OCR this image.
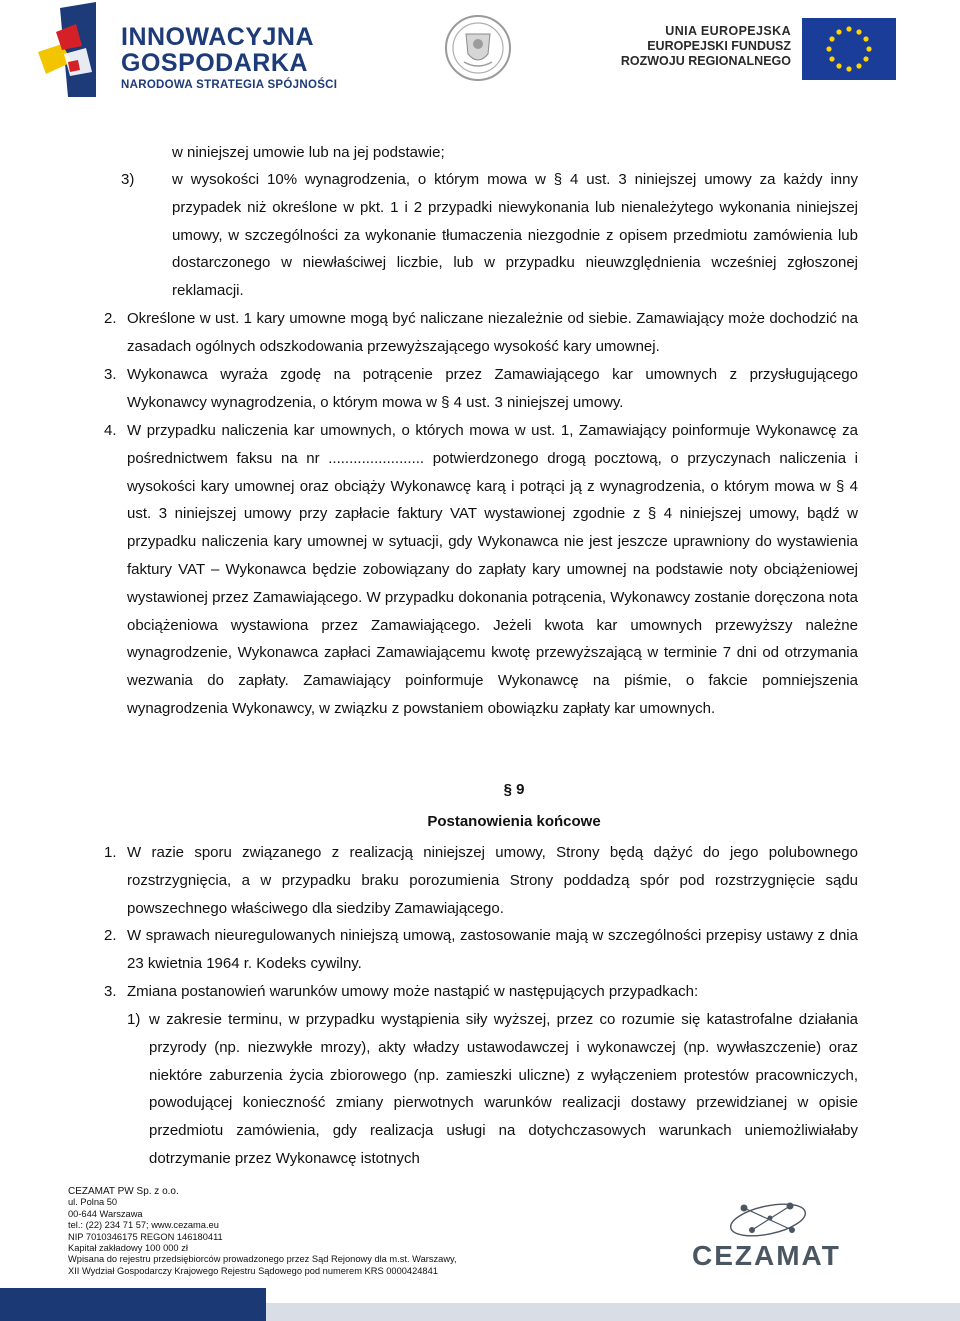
INNOWACYJNA
GOSPODARKA
NARODOWA STRATEGIA SPÓJNOŚCI
UNIA EUROPEJSKA
EUROPEJSKI FUNDUSZ
ROZWOJU REGIONALNEGO
w niniejszej umowie lub na jej podstawie;
3)	w wysokości 10% wynagrodzenia, o którym mowa w § 4 ust. 3 niniejszej umowy za każdy inny przypadek niż określone w pkt. 1 i 2 przypadki niewykonania lub nienależytego wykonania niniejszej umowy, w szczególności za wykonanie tłumaczenia niezgodnie z opisem przedmiotu zamówienia lub dostarczonego w niewłaściwej liczbie, lub w przypadku nieuwzględnienia wcześniej zgłoszonej reklamacji.
2. Określone w ust. 1 kary umowne mogą być naliczane niezależnie od siebie. Zamawiający może dochodzić na zasadach ogólnych odszkodowania przewyższającego wysokość kary umownej.
3. Wykonawca wyraża zgodę na potrącenie przez Zamawiającego kar umownych z przysługującego Wykonawcy wynagrodzenia, o którym mowa w § 4 ust. 3 niniejszej umowy.
4. W przypadku naliczenia kar umownych, o których mowa w ust. 1, Zamawiający poinformuje Wykonawcę za pośrednictwem faksu na nr ....................... potwierdzonego drogą pocztową, o przyczynach naliczenia i wysokości kary umownej oraz obciąży Wykonawcę karą i potrąci ją z wynagrodzenia, o którym mowa w § 4 ust. 3 niniejszej umowy przy zapłacie faktury VAT wystawionej zgodnie z § 4 niniejszej umowy, bądź w przypadku naliczenia kary umownej w sytuacji, gdy Wykonawca nie jest jeszcze uprawniony do wystawienia faktury VAT – Wykonawca będzie zobowiązany do zapłaty kary umownej na podstawie noty obciążeniowej wystawionej przez Zamawiającego. W przypadku dokonania potrącenia, Wykonawcy zostanie doręczona nota obciążeniowa wystawiona przez Zamawiającego. Jeżeli kwota kar umownych przewyższy należne wynagrodzenie, Wykonawca zapłaci Zamawiającemu kwotę przewyższającą w terminie 7 dni od otrzymania wezwania do zapłaty. Zamawiający poinformuje Wykonawcę na piśmie, o fakcie pomniejszenia wynagrodzenia Wykonawcy, w związku z powstaniem obowiązku zapłaty kar umownych.
§ 9
Postanowienia końcowe
1. W razie sporu związanego z realizacją niniejszej umowy, Strony będą dążyć do jego polubownego rozstrzygnięcia, a w przypadku braku porozumienia Strony poddadzą spór pod rozstrzygnięcie sądu powszechnego właściwego dla siedziby Zamawiającego.
2. W sprawach nieuregulowanych niniejszą umową, zastosowanie mają w szczególności przepisy ustawy z dnia 23 kwietnia 1964 r. Kodeks cywilny.
3. Zmiana postanowień warunków umowy może nastąpić w następujących przypadkach:
1) w zakresie terminu, w przypadku wystąpienia siły wyższej, przez co rozumie się katastrofalne działania przyrody (np. niezwykłe mrozy), akty władzy ustawodawczej i wykonawczej (np. wywłaszczenie) oraz niektóre zaburzenia życia zbiorowego (np. zamieszki uliczne) z wyłączeniem protestów pracowniczych, powodującej konieczność zmiany pierwotnych warunków realizacji dostawy przewidzianej w opisie przedmiotu zamówienia, gdy realizacja usługi na dotychczasowych warunkach uniemożliwiałaby dotrzymanie przez Wykonawcę istotnych
CEZAMAT PW Sp. z o.o.
ul. Polna 50
00-644 Warszawa
tel.: (22) 234 71 57; www.cezama.eu
NIP 7010346175 REGON 146180411
Kapitał zakładowy 100 000 zł
Wpisana do rejestru przedsiębiorców prowadzonego przez Sąd Rejonowy dla m.st. Warszawy,
XII Wydział Gospodarczy Krajowego Rejestru Sądowego pod numerem KRS 0000424841	CEZAMAT
